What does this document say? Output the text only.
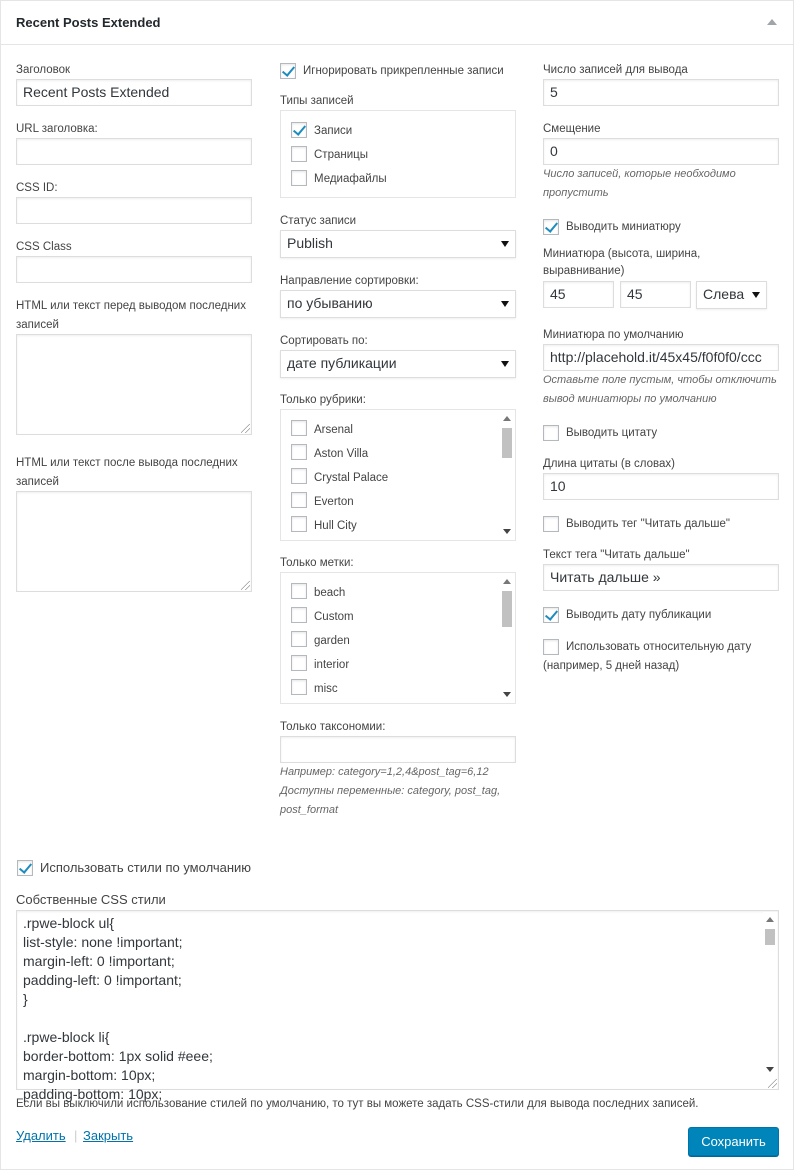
Recent Posts Extended
Заголовок
Recent Posts Extended
URL заголовка:
CSS ID:
CSS Class
HTML или текст перед выводом последних записей
HTML или текст после вывода последних записей
Игнорировать прикрепленные записи
Типы записей
Записи
Страницы
Медиафайлы
Статус записи
Publish
Направление сортировки:
по убыванию
Сортировать по:
дате публикации
Только рубрики:
Arsenal
Aston Villa
Crystal Palace
Everton
Hull City
Только метки:
beach
Custom
garden
interior
misc
Только таксономии:
Например: category=1,2,4&post_tag=6,12
Доступны переменные: category, post_tag,
post_format
Число записей для вывода
5
Смещение
0
Число записей, которые необходимо
пропустить
Выводить миниатюру
Миниатюра (высота, ширина,
выравнивание)
45	45	Слева
Миниатюра по умолчанию
http://placehold.it/45x45/f0f0f0/ccc
Оставьте поле пустым, чтобы отключить
вывод миниатюры по умолчанию
Выводить цитату
Длина цитаты (в словах)
10
Выводить тег "Читать дальше"
Текст тега "Читать дальше"
Читать дальше »
Выводить дату публикации
Использовать относительную дату
(например, 5 дней назад)
Использовать стили по умолчанию
Собственные CSS стили
.rpwe-block ul{
list-style: none !important;
margin-left: 0 !important;
padding-left: 0 !important;
}

.rpwe-block li{
border-bottom: 1px solid #eee;
margin-bottom: 10px;
padding-bottom: 10px;
Если вы выключили использование стилей по умолчанию, то тут вы можете задать CSS-стили для вывода последних записей.
Удалить | Закрыть	Сохранить
